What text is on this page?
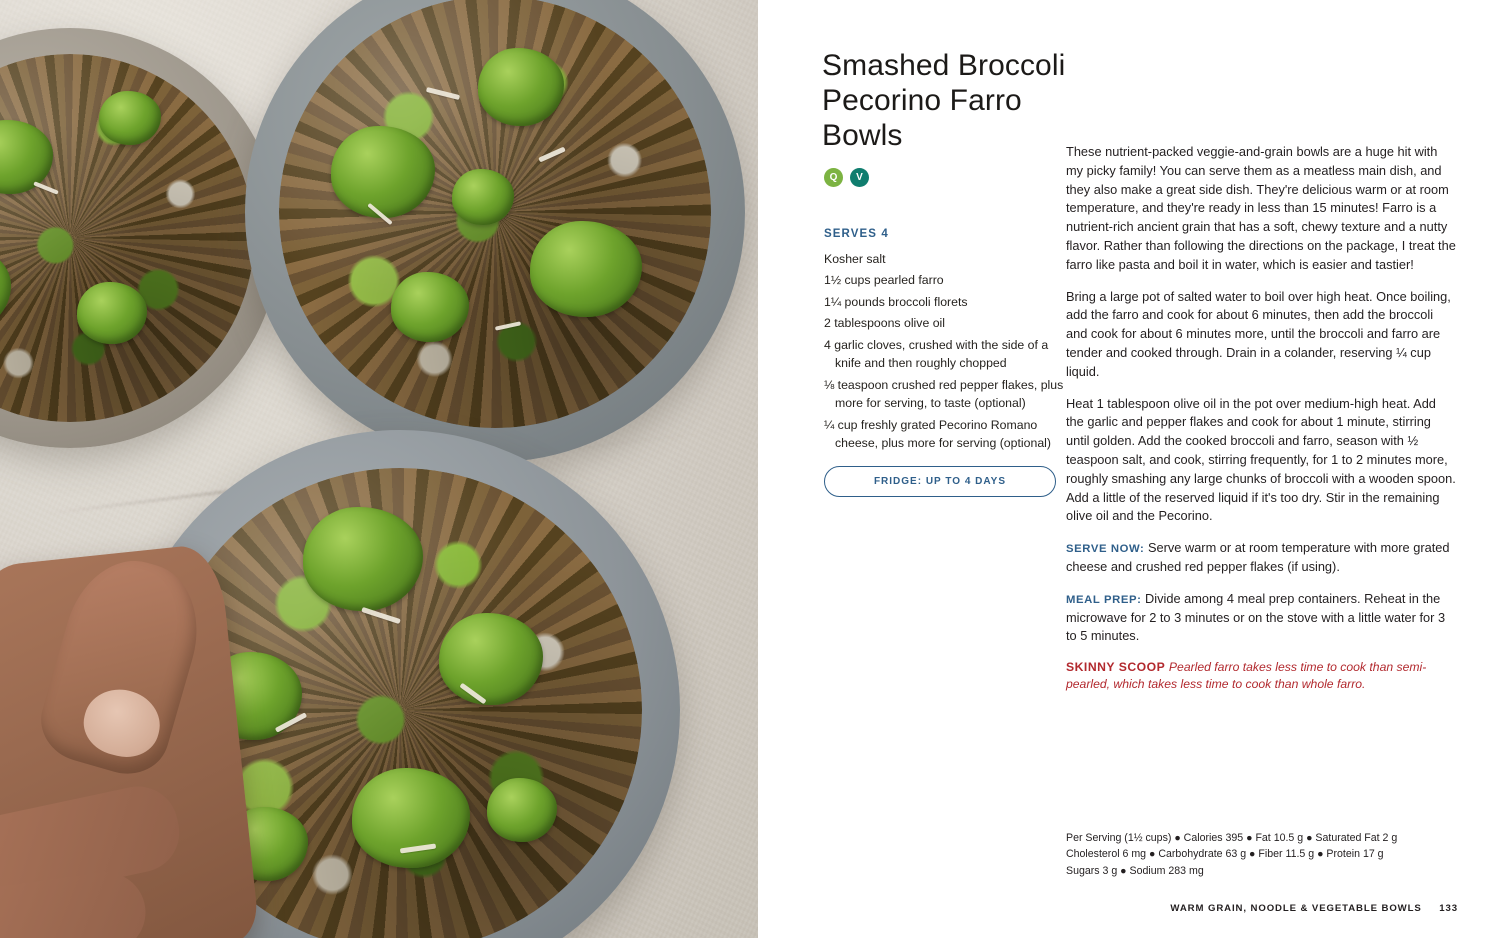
Smashed Broccoli Pecorino Farro Bowls
Q	V
SERVES 4
Kosher salt
1½ cups pearled farro
1¼ pounds broccoli florets
2 tablespoons olive oil
4 garlic cloves, crushed with the side of a knife and then roughly chopped
⅛ teaspoon crushed red pepper flakes, plus more for serving, to taste (optional)
¼ cup freshly grated Pecorino Romano cheese, plus more for serving (optional)
FRIDGE: UP TO 4 DAYS

These nutrient-packed veggie-and-grain bowls are a huge hit with my picky family! You can serve them as a meatless main dish, and they also make a great side dish. They're delicious warm or at room temperature, and they're ready in less than 15 minutes! Farro is a nutrient-rich ancient grain that has a soft, chewy texture and a nutty flavor. Rather than following the directions on the package, I treat the farro like pasta and boil it in water, which is easier and tastier!

Bring a large pot of salted water to boil over high heat. Once boiling, add the farro and cook for about 6 minutes, then add the broccoli and cook for about 6 minutes more, until the broccoli and farro are tender and cooked through. Drain in a colander, reserving ¼ cup liquid.

Heat 1 tablespoon olive oil in the pot over medium-high heat. Add the garlic and pepper flakes and cook for about 1 minute, stirring until golden. Add the cooked broccoli and farro, season with ½ teaspoon salt, and cook, stirring frequently, for 1 to 2 minutes more, roughly smashing any large chunks of broccoli with a wooden spoon. Add a little of the reserved liquid if it's too dry. Stir in the remaining olive oil and the Pecorino.

SERVE NOW: Serve warm or at room temperature with more grated cheese and crushed red pepper flakes (if using).

MEAL PREP: Divide among 4 meal prep containers. Reheat in the microwave for 2 to 3 minutes or on the stove with a little water for 3 to 5 minutes.

SKINNY SCOOP Pearled farro takes less time to cook than semi-pearled, which takes less time to cook than whole farro.

Per Serving (1½ cups) ● Calories 395 ● Fat 10.5 g ● Saturated Fat 2 g
Cholesterol 6 mg ● Carbohydrate 63 g ● Fiber 11.5 g ● Protein 17 g
Sugars 3 g ● Sodium 283 mg
WARM GRAIN, NOODLE & VEGETABLE BOWLS 133
